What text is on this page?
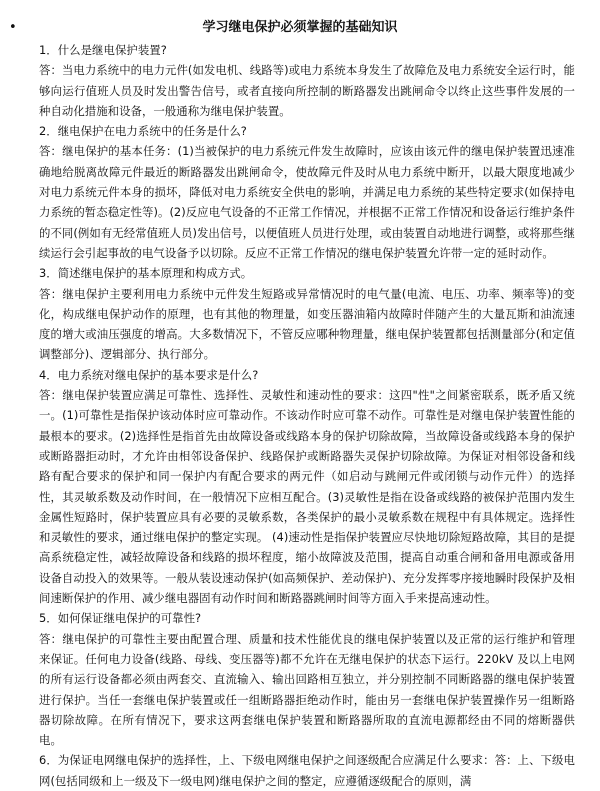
•	学习继电保护必须掌握的基础知识

1．什么是继电保护装置?

答：当电力系统中的电力元件(如发电机、线路等)或电力系统本身发生了故障危及电力系统安全运行时，能够向运行值班人员及时发出警告信号，或者直接向所控制的断路器发出跳闸命令以终止这些事件发展的一种自动化措施和设备，一般通称为继电保护装置。

2．继电保护在电力系统中的任务是什么?

答：继电保护的基本任务：(1)当被保护的电力系统元件发生故障时，应该由该元件的继电保护装置迅速准确地给脱离故障元件最近的断路器发出跳闸命令，使故障元件及时从电力系统中断开，以最大限度地减少对电力系统元件本身的损坏，降低对电力系统安全供电的影响，并满足电力系统的某些特定要求(如保持电力系统的暂态稳定性等)。(2)反应电气设备的不正常工作情况，并根据不正常工作情况和设备运行维护条件的不同(例如有无经常值班人员)发出信号，以便值班人员进行处理，或由装置自动地进行调整，或将那些继续运行会引起事故的电气设备予以切除。反应不正常工作情况的继电保护装置允许带一定的延时动作。

3．简述继电保护的基本原理和构成方式。

答：继电保护主要利用电力系统中元件发生短路或异常情况时的电气量(电流、电压、功率、频率等)的变化，构成继电保护动作的原理，也有其他的物理量，如变压器油箱内故障时伴随产生的大量瓦斯和油流速度的增大或油压强度的增高。大多数情况下，不管反应哪种物理量，继电保护装置都包括测量部分(和定值调整部分)、逻辑部分、执行部分。

4．电力系统对继电保护的基本要求是什么?

答：继电保护装置应满足可靠性、选择性、灵敏性和速动性的要求：这四"性"之间紧密联系，既矛盾又统一。(1)可靠性是指保护该动体时应可靠动作。不该动作时应可靠不动作。可靠性是对继电保护装置性能的最根本的要求。(2)选择性是指首先由故障设备或线路本身的保护切除故障，当故障设备或线路本身的保护或断路器拒动时，才允许由相邻设备保护、线路保护或断路器失灵保护切除故障。为保证对相邻设备和线路有配合要求的保护和同一保护内有配合要求的两元件（如启动与跳闸元件或闭锁与动作元件）的选择性，其灵敏系数及动作时间，在一般情况下应相互配合。(3)灵敏性是指在设备或线路的被保护范围内发生金属性短路时，保护装置应具有必要的灵敏系数，各类保护的最小灵敏系数在规程中有具体规定。选择性和灵敏性的要求，通过继电保护的整定实现。 (4)速动性是指保护装置应尽快地切除短路故障，其目的是提高系统稳定性，减轻故障设备和线路的损坏程度，缩小故障波及范围，提高自动重合闸和备用电源或备用设备自动投入的效果等。一般从装设速动保护(如高频保护、差动保护)、充分发挥零序接地瞬时段保护及相间速断保护的作用、减少继电器固有动作时间和断路器跳闸时间等方面入手来提高速动性。

5．如何保证继电保护的可靠性?

答：继电保护的可靠性主要由配置合理、质量和技术性能优良的继电保护装置以及正常的运行维护和管理来保证。任何电力设备(线路、母线、变压器等)都不允许在无继电保护的状态下运行。220kV 及以上电网的所有运行设备都必须由两套交、直流输入、输出回路相互独立，并分别控制不同断路器的继电保护装置进行保护。当任一套继电保护装置或任一组断路器拒绝动作时，能由另一套继电保护装置操作另一组断路器切除故障。在所有情况下，要求这两套继电保护装置和断路器所取的直流电源都经由不同的熔断器供电。

6．为保证电网继电保护的选择性，上、下级电网继电保护之间逐级配合应满足什么要求：答：上、下级电网(包括同级和上一级及下一级电网)继电保护之间的整定，应遵循逐级配合的原则，满
